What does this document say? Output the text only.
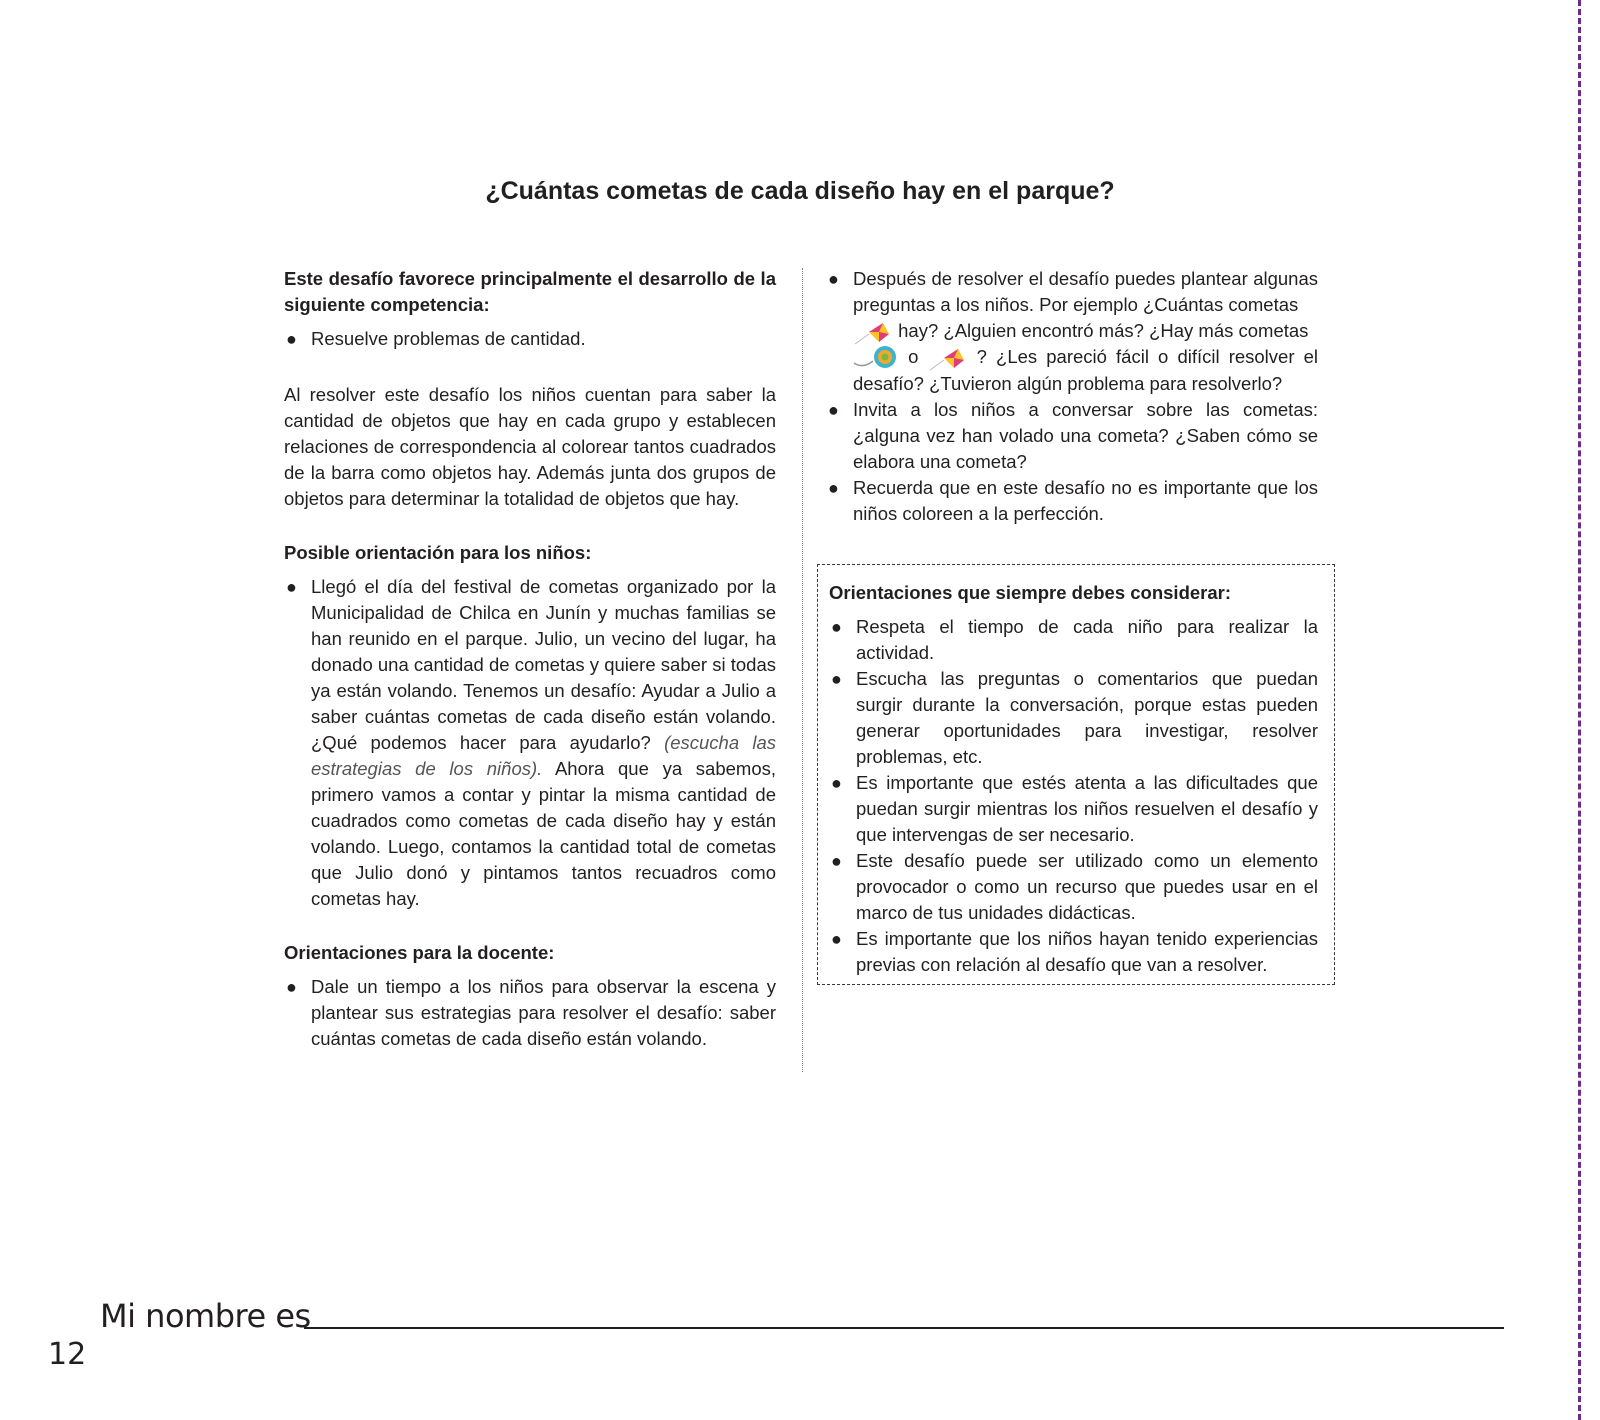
¿Cuántas cometas de cada diseño hay en el parque?

Este desafío favorece principalmente el desarrollo de la siguiente competencia:

● Resuelve problemas de cantidad.

Al resolver este desafío los niños cuentan para saber la cantidad de objetos que hay en cada grupo y establecen relaciones de correspondencia al colorear tantos cuadrados de la barra como objetos hay. Además junta dos grupos de objetos para determinar la totalidad de objetos que hay.

Posible orientación para los niños:

● Llegó el día del festival de cometas organizado por la Municipalidad de Chilca en Junín y muchas familias se han reunido en el parque. Julio, un vecino del lugar, ha donado una cantidad de cometas y quiere saber si todas ya están volando. Tenemos un desafío: Ayudar a Julio a saber cuántas cometas de cada diseño están volando. ¿Qué podemos hacer para ayudarlo? (escucha las estrategias de los niños). Ahora que ya sabemos, primero vamos a contar y pintar la misma cantidad de cuadrados como cometas de cada diseño hay y están volando. Luego, contamos la cantidad total de cometas que Julio donó y pintamos tantos recuadros como cometas hay.

Orientaciones para la docente:

● Dale un tiempo a los niños para observar la escena y plantear sus estrategias para resolver el desafío: saber cuántas cometas de cada diseño están volando.
● Después de resolver el desafío puedes plantear algunas preguntas a los niños. Por ejemplo ¿Cuántas cometas
hay? ¿Alguien encontró más? ¿Hay más cometas
o	? ¿Les pareció fácil o difícil resolver el desafío? ¿Tuvieron algún problema para resolverlo?
● Invita a los niños a conversar sobre las cometas: ¿alguna vez han volado una cometa? ¿Saben cómo se elabora una cometa?
● Recuerda que en este desafío no es importante que los niños coloreen a la perfección.

Orientaciones que siempre debes considerar:

● Respeta el tiempo de cada niño para realizar la actividad.
● Escucha las preguntas o comentarios que puedan surgir durante la conversación, porque estas pueden generar oportunidades para investigar, resolver problemas, etc.
● Es importante que estés atenta a las dificultades que puedan surgir mientras los niños resuelven el desafío y que intervengas de ser necesario.
● Este desafío puede ser utilizado como un elemento provocador o como un recurso que puedes usar en el marco de tus unidades didácticas.
● Es importante que los niños hayan tenido experiencias previas con relación al desafío que van a resolver.
Mi nombre es
12
